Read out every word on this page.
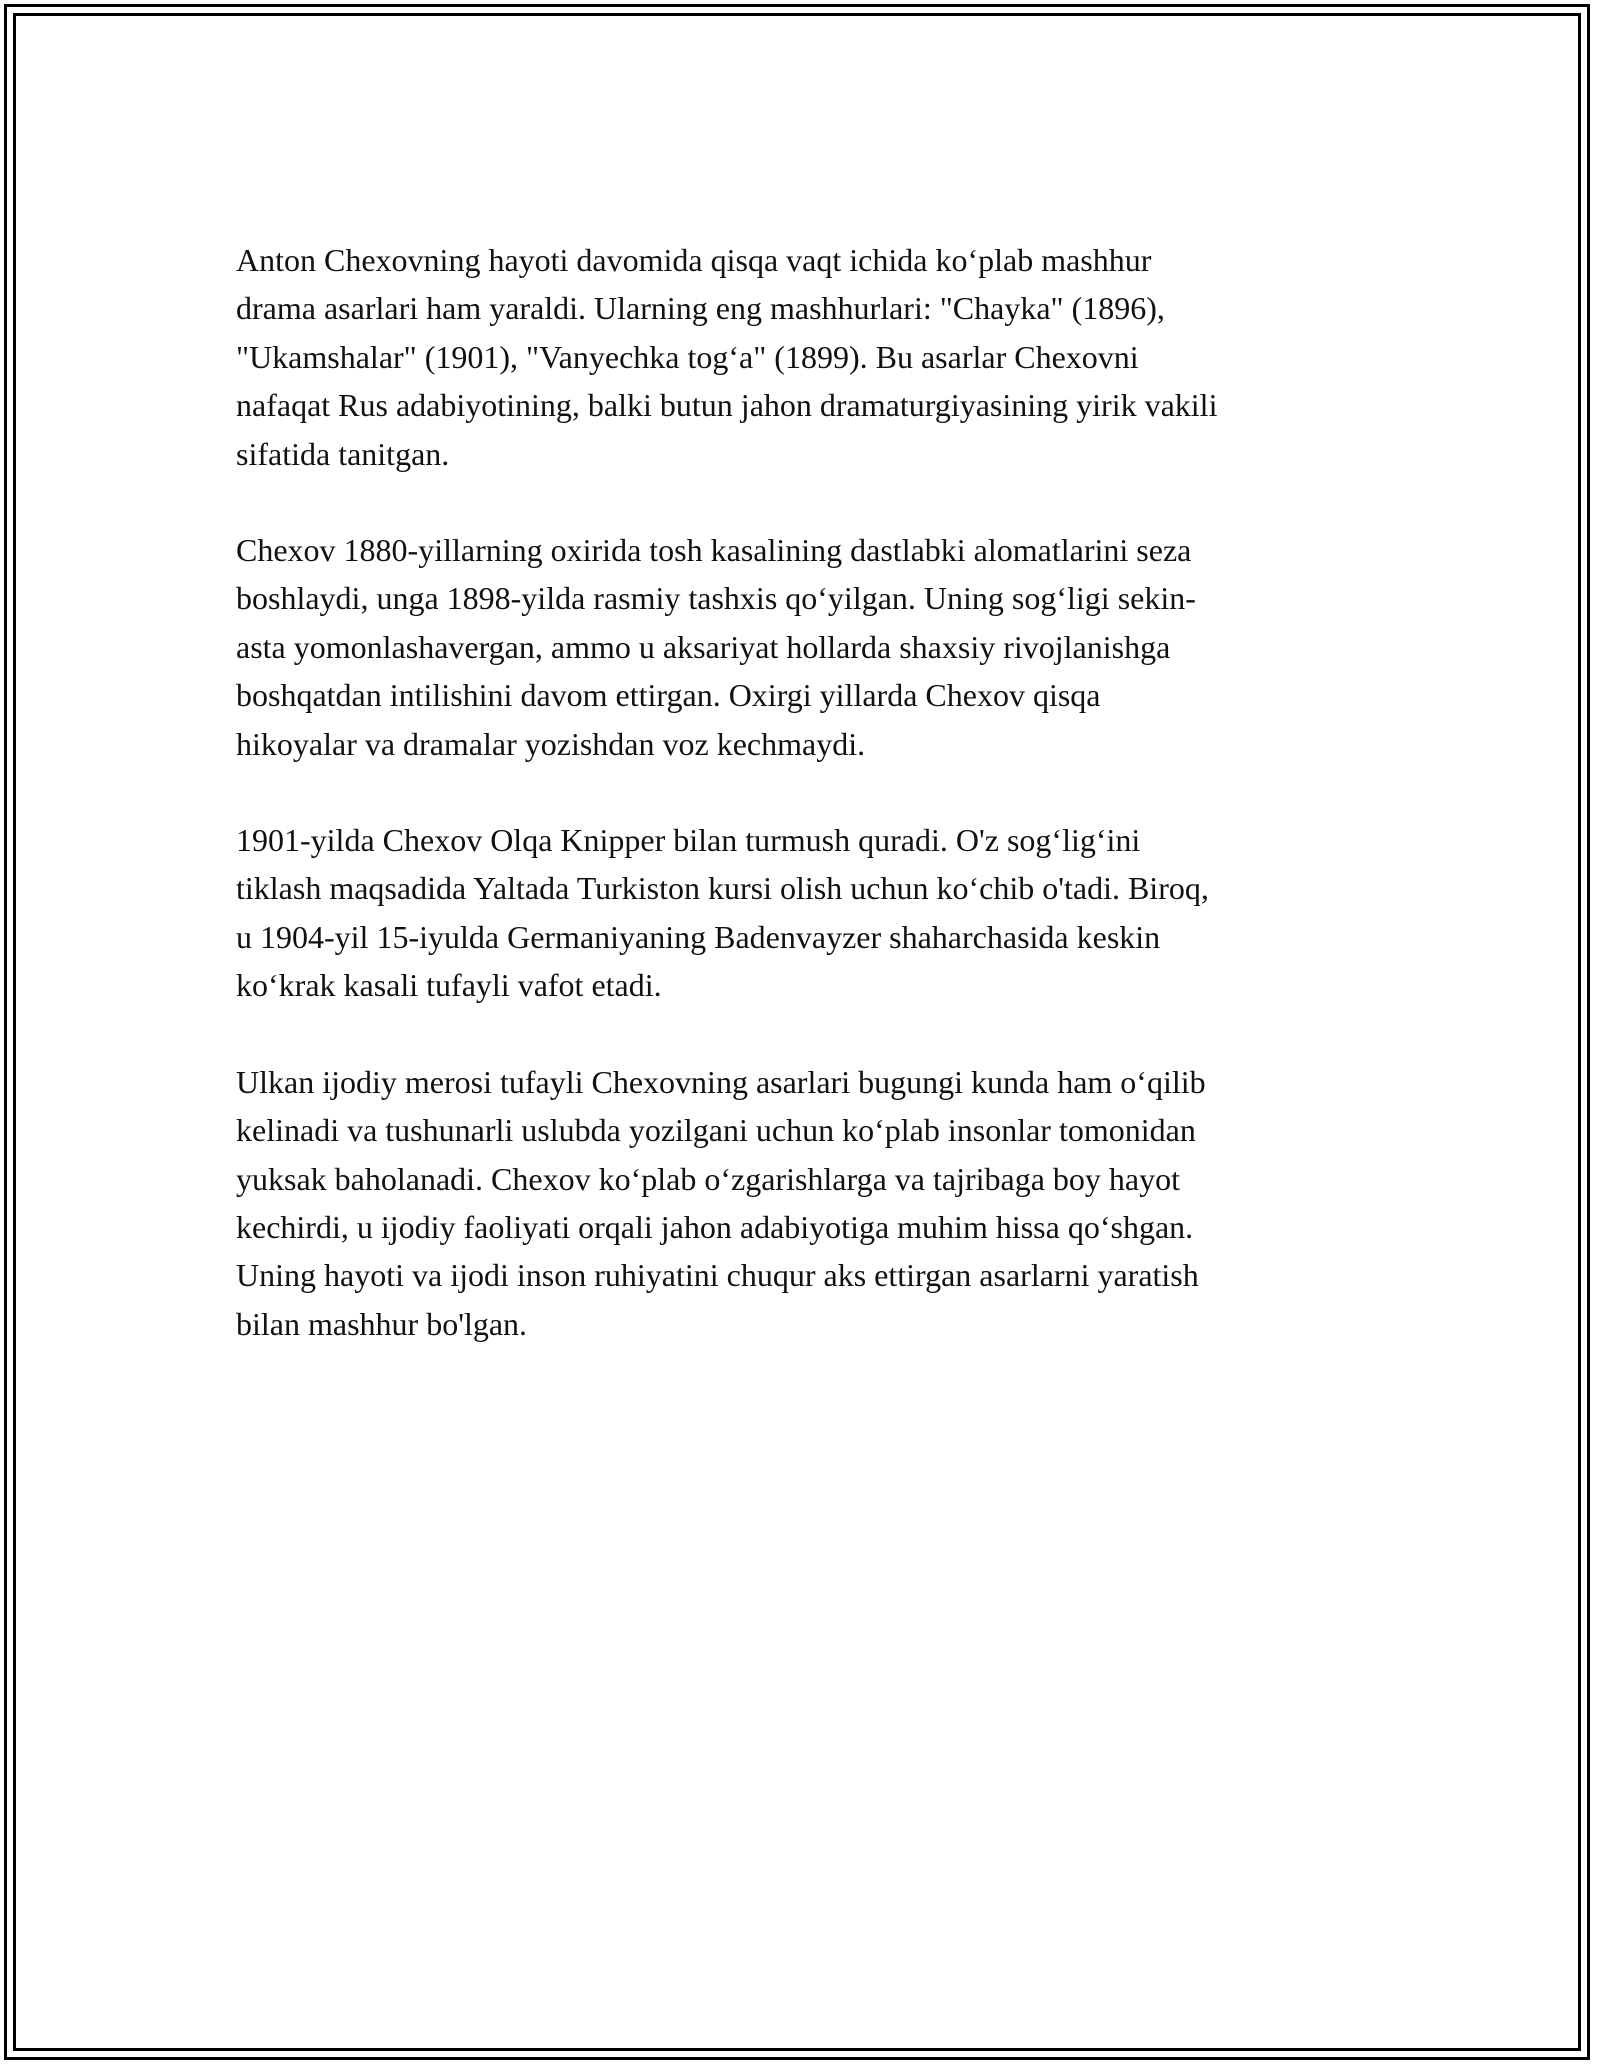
Anton Chexovning hayoti davomida qisqa vaqt ichida ko‘plab mashhur
drama asarlari ham yaraldi. Ularning eng mashhurlari: "Chayka" (1896),
"Ukamshalar" (1901), "Vanyechka tog‘a" (1899). Bu asarlar Chexovni
nafaqat Rus adabiyotining, balki butun jahon dramaturgiyasining yirik vakili
sifatida tanitgan.

Chexov 1880-yillarning oxirida tosh kasalining dastlabki alomatlarini seza
boshlaydi, unga 1898-yilda rasmiy tashxis qo‘yilgan. Uning sog‘ligi sekin-
asta yomonlashavergan, ammo u aksariyat hollarda shaxsiy rivojlanishga
boshqatdan intilishini davom ettirgan. Oxirgi yillarda Chexov qisqa
hikoyalar va dramalar yozishdan voz kechmaydi.

1901-yilda Chexov Olqa Knipper bilan turmush quradi. O'z sog‘lig‘ini
tiklash maqsadida Yaltada Turkiston kursi olish uchun ko‘chib o'tadi. Biroq,
u 1904-yil 15-iyulda Germaniyaning Badenvayzer shaharchasida keskin
ko‘krak kasali tufayli vafot etadi.

Ulkan ijodiy merosi tufayli Chexovning asarlari bugungi kunda ham o‘qilib
kelinadi va tushunarli uslubda yozilgani uchun ko‘plab insonlar tomonidan
yuksak baholanadi. Chexov ko‘plab o‘zgarishlarga va tajribaga boy hayot
kechirdi, u ijodiy faoliyati orqali jahon adabiyotiga muhim hissa qo‘shgan.
Uning hayoti va ijodi inson ruhiyatini chuqur aks ettirgan asarlarni yaratish
bilan mashhur bo'lgan.
